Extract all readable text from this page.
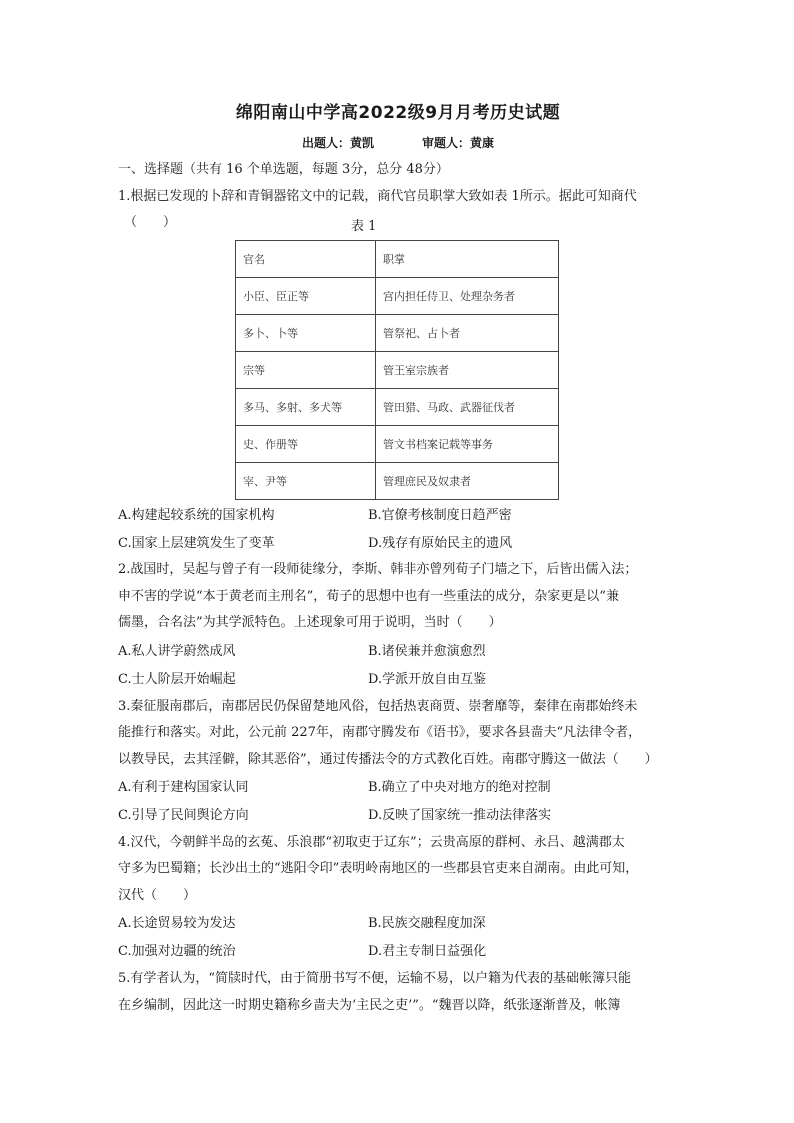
绵阳南山中学高2022级9月月考历史试题
出题人：黄凯	审题人：黄康
一、选择题（共有 16 个单选题，每题 3分，总分 48分）
1.根据已发现的卜辞和青铜器铭文中的记载，商代官员职掌大致如表 1所示。据此可知商代
（　　）	表 1
官名	职掌
小臣、臣正等	宫内担任侍卫、处理杂务者
多卜、卜等	管祭祀、占卜者
宗等	管王室宗族者
多马、多射、多犬等	管田猎、马政、武器征伐者
史、作册等	管文书档案记载等事务
宰、尹等	管理庶民及奴隶者
A.构建起较系统的国家机构	B.官僚考核制度日趋严密
C.国家上层建筑发生了变革	D.残存有原始民主的遗风
2.战国时，吴起与曾子有一段师徒缘分，李斯、韩非亦曾列荀子门墙之下，后皆出儒入法；
申不害的学说“本于黄老而主刑名”，荀子的思想中也有一些重法的成分，杂家更是以“兼
儒墨，合名法”为其学派特色。上述现象可用于说明，当时（　　）
A.私人讲学蔚然成风	B.诸侯兼并愈演愈烈
C.士人阶层开始崛起	D.学派开放自由互鉴
3.秦征服南郡后，南郡居民仍保留楚地风俗，包括热衷商贾、崇奢靡等，秦律在南郡始终未
能推行和落实。对此，公元前 227年，南郡守腾发布《语书》，要求各县啬夫“凡法律令者，
以教导民，去其淫僻，除其恶俗”，通过传播法令的方式教化百姓。南郡守腾这一做法（　　）
A.有利于建构国家认同	B.确立了中央对地方的绝对控制
C.引导了民间舆论方向	D.反映了国家统一推动法律落实
4.汉代，今朝鲜半岛的玄菟、乐浪郡“初取吏于辽东”；云贵高原的群柯、永吕、越满郡太
守多为巴蜀籍；长沙出土的“逃阳令印”表明岭南地区的一些郡县官吏来自湖南。由此可知，
汉代（　　）
A.长途贸易较为发达	B.民族交融程度加深
C.加强对边疆的统治	D.君主专制日益强化
5.有学者认为，“简牍时代，由于简册书写不便，运输不易，以户籍为代表的基础帐簿只能
在乡编制，因此这一时期史籍称乡啬夫为‘主民之吏’”。“魏晋以降，纸张逐渐普及，帐簿
